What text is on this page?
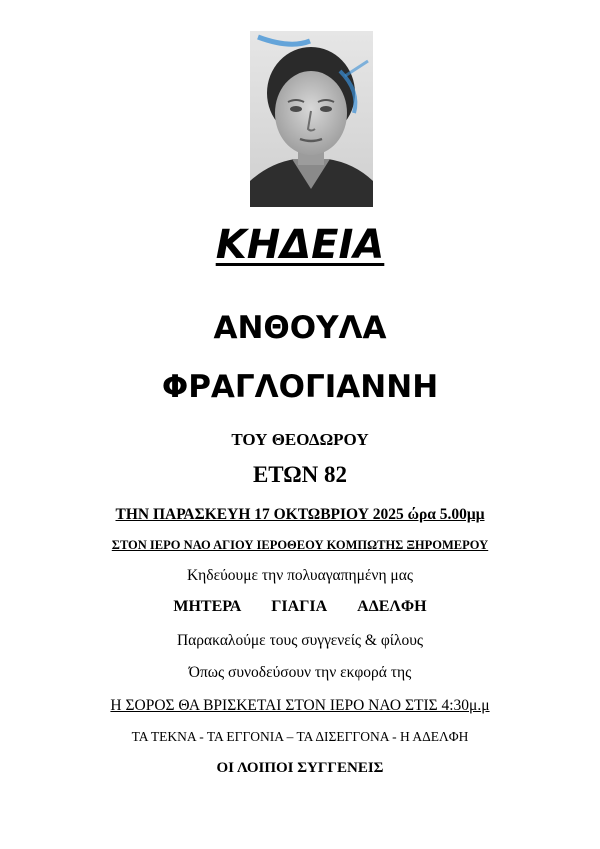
ΚΗΔΕΙΑ
ΑΝΘΟΥΛΑ
ΦΡΑΓΛΟΓΙΑΝΝΗ
ΤΟΥ ΘΕΟΔΩΡΟΥ
ΕΤΩΝ 82
ΤΗΝ ΠΑΡΑΣΚΕΥΗ 17 ΟΚΤΩΒΡΙΟΥ 2025 ώρα 5.00μμ
ΣΤΟΝ ΙΕΡΟ ΝΑΟ ΑΓΙΟΥ ΙΕΡΟΘΕΟΥ ΚΟΜΠΩΤΗΣ ΞΗΡΟΜΕΡΟΥ
Κηδεύουμε την πολυαγαπημένη μας
ΜΗΤΕΡΑ ΓΙΑΓΙΑ ΑΔΕΛΦΗ
Παρακαλούμε τους συγγενείς & φίλους
Όπως συνοδεύσουν την εκφορά της
Η ΣΟΡΟΣ ΘΑ ΒΡΙΣΚΕΤΑΙ ΣΤΟΝ ΙΕΡΟ ΝΑΟ ΣΤΙΣ 4:30μ.μ
ΤΑ ΤΕΚΝΑ - ΤΑ ΕΓΓΟΝΙΑ – ΤΑ ΔΙΣΕΓΓΟΝΑ - Η ΑΔΕΛΦΗ
ΟΙ ΛΟΙΠΟΙ ΣΥΓΓΕΝΕΙΣ
